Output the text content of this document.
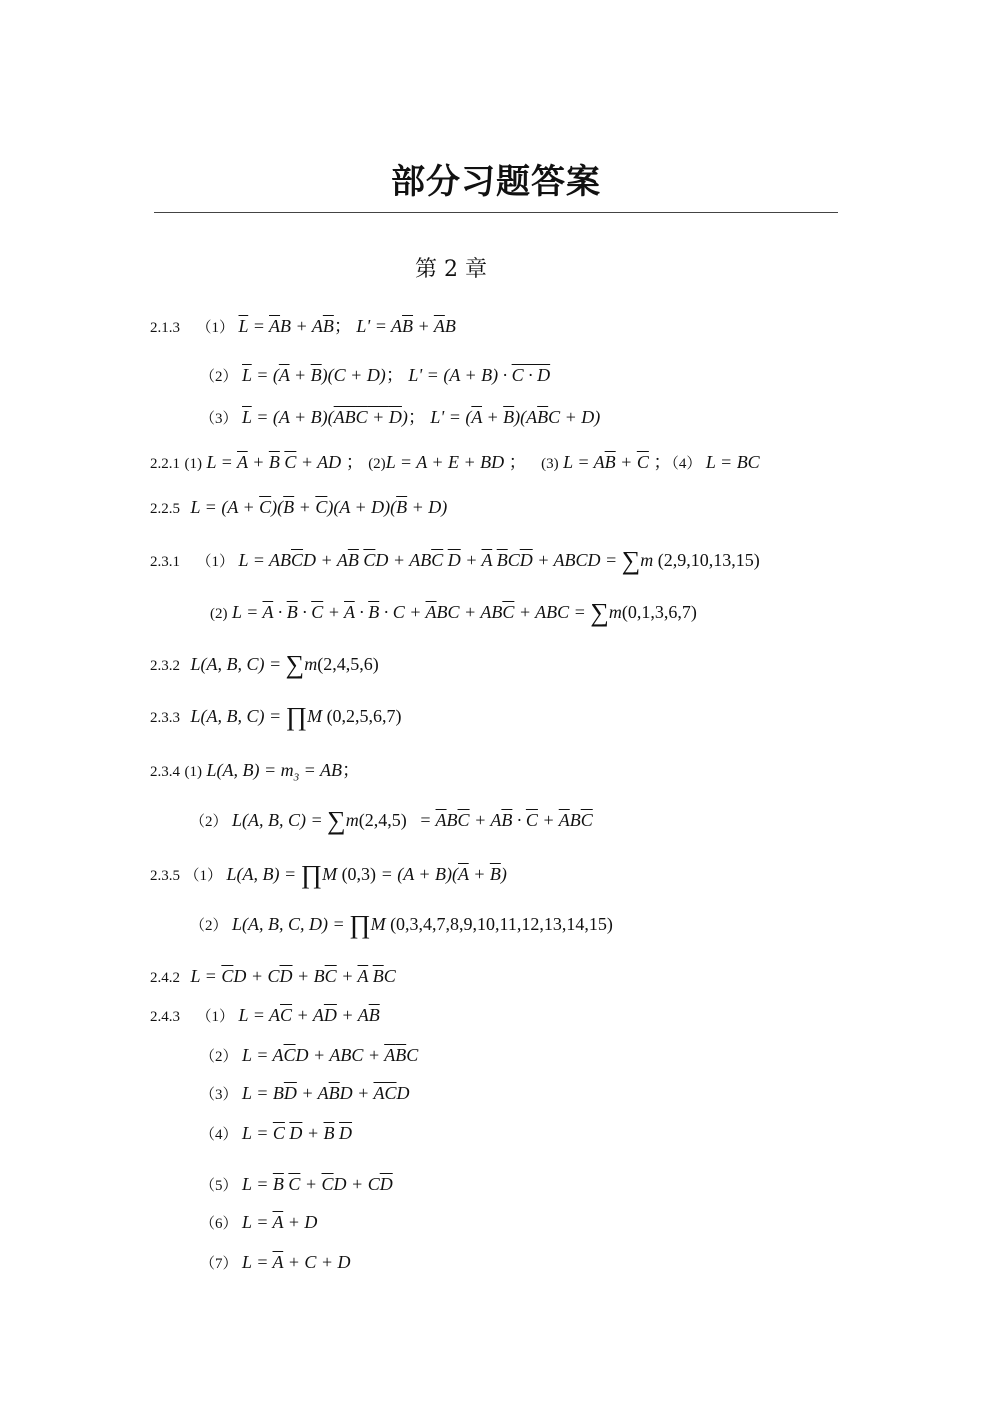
部分习题答案
第 2 章
2.1.3 （1） $\overline{L} = \overline{A}B + A\overline{B}$； $L' = A\overline{B} + \overline{A}B$
（2） $\overline{L} = (\overline{A} + \overline{B})(C + D)$； L' = (A + B) · C · D
（3） $\overline{L} = (A + B)(ABC + D)$； $L' = (\overline{A} + \overline{B})(A\overline{B}C + D)$
2.2.1 (1) $L = \overline{A} + \overline{B}$ $\overline{C}$ + AD ； (2)L = A + E + BD ； (3) $L = A\overline{B} + \overline{C}$ ；（4） L = BC
2.2.5 $L = (A + \overline{C})(\overline{B} + \overline{C})(A + D)(\overline{B} + D)$
2.3.1 （1） $L = AB\overline{C}D + A\overline{B}$ $\overline{C}D + AB\overline{C}$ $\overline{D} + \overline{A}$ $\overline{B}C\overline{D}$ + ABCD = ∑m (2,9,10,13,15)
(2) $L = \overline{A} \cdot \overline{B} \cdot \overline{C} + \overline{A} \cdot \overline{B} \cdot C + \overline{A}BC + AB\overline{C}$ + ABC = ∑m(0,1,3,6,7)
2.3.2 L(A, B, C) = ∑m(2,4,5,6)
2.3.3 L(A, B, C) = ∏M (0,2,5,6,7)
2.3.4 (1) L(A, $B) = m_3$ = AB；
（2） L(A, B, $C) = \sum m(2,4,5) = \overline{A}B\overline{C} + A\overline{B} \cdot \overline{C} + \overline{A}B\overline{C}$
2.3.5 （1） L(A, B) = ∏M $(0,3) = (A + B)(\overline{A} + \overline{B})$
（2） L(A, B, C, D) = ∏M (0,3,4,7,8,9,10,11,12,13,14,15)
2.4.2 $L = \overline{C}D + C\overline{D} + B\overline{C} + \overline{A}$ $\overline{B}C$
2.4.3 （1） $L = A\overline{C} + A\overline{D} + A\overline{B}$
（2） $L = A\overline{C}D$ + ABC + $\overline{A}\overline{B}C$
（3） $L = B\overline{D} + A\overline{B}D + \overline{A}\overline{C}D$
（4） $L = \overline{C}$ $\overline{D} + \overline{B}$ $\overline{D}$
（5） $L = \overline{B}$ $\overline{C} + \overline{C}D + C\overline{D}$
（6） $L = \overline{A} + D$
（7） $L = \overline{A} + C + D$
